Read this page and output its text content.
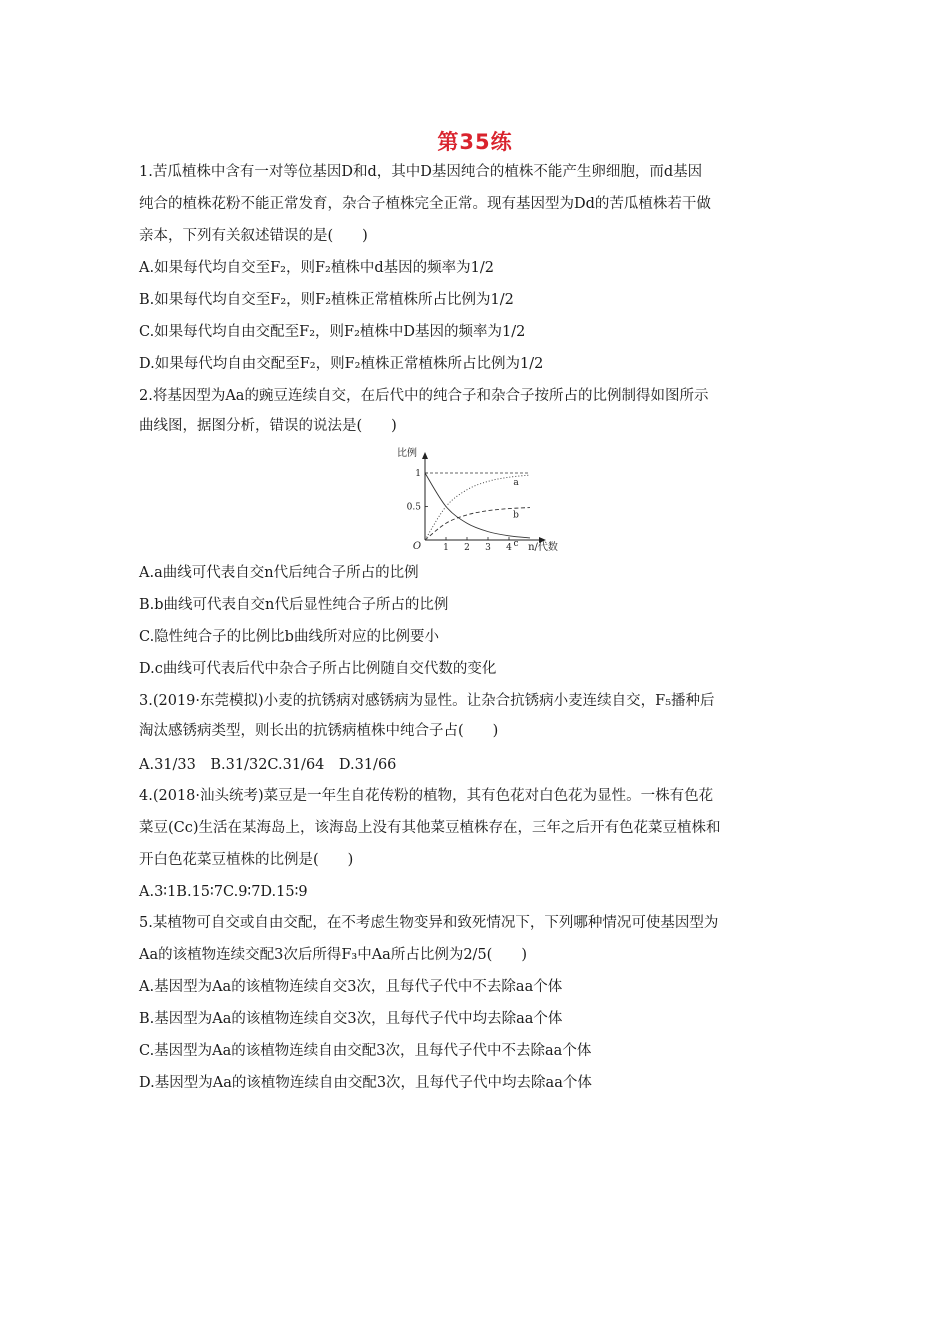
第35练
1.苦瓜植株中含有一对等位基因D和d，其中D基因纯合的植株不能产生卵细胞，而d基因
纯合的植株花粉不能正常发育，杂合子植株完全正常。现有基因型为Dd的苦瓜植株若干做
亲本，下列有关叙述错误的是(　　)
A.如果每代均自交至F₂，则F₂植株中d基因的频率为1/2
B.如果每代均自交至F₂，则F₂植株正常植株所占比例为1/2
C.如果每代均自由交配至F₂，则F₂植株中D基因的频率为1/2
D.如果每代均自由交配至F₂，则F₂植株正常植株所占比例为1/2
2.将基因型为Aa的豌豆连续自交，在后代中的纯合子和杂合子按所占的比例制得如图所示
曲线图，据图分析，错误的说法是(　　)
比例
n/代数
O 1 2 3 4
1
0.5
a
b
c
A.a曲线可代表自交n代后纯合子所占的比例
B.b曲线可代表自交n代后显性纯合子所占的比例
C.隐性纯合子的比例比b曲线所对应的比例要小
D.c曲线可代表后代中杂合子所占比例随自交代数的变化
3.(2019·东莞模拟)小麦的抗锈病对感锈病为显性。让杂合抗锈病小麦连续自交，F₅播种后
淘汰感锈病类型，则长出的抗锈病植株中纯合子占(　　)
A.31/33　B.31/32C.31/64　D.31/66
4.(2018·汕头统考)菜豆是一年生自花传粉的植物，其有色花对白色花为显性。一株有色花
菜豆(Cc)生活在某海岛上，该海岛上没有其他菜豆植株存在，三年之后开有色花菜豆植株和
开白色花菜豆植株的比例是(　　)
A.3∶1B.15∶7C.9∶7D.15∶9
5.某植物可自交或自由交配，在不考虑生物变异和致死情况下，下列哪种情况可使基因型为
Aa的该植物连续交配3次后所得F₃中Aa所占比例为2/5(　　)
A.基因型为Aa的该植物连续自交3次，且每代子代中不去除aa个体
B.基因型为Aa的该植物连续自交3次，且每代子代中均去除aa个体
C.基因型为Aa的该植物连续自由交配3次，且每代子代中不去除aa个体
D.基因型为Aa的该植物连续自由交配3次，且每代子代中均去除aa个体
